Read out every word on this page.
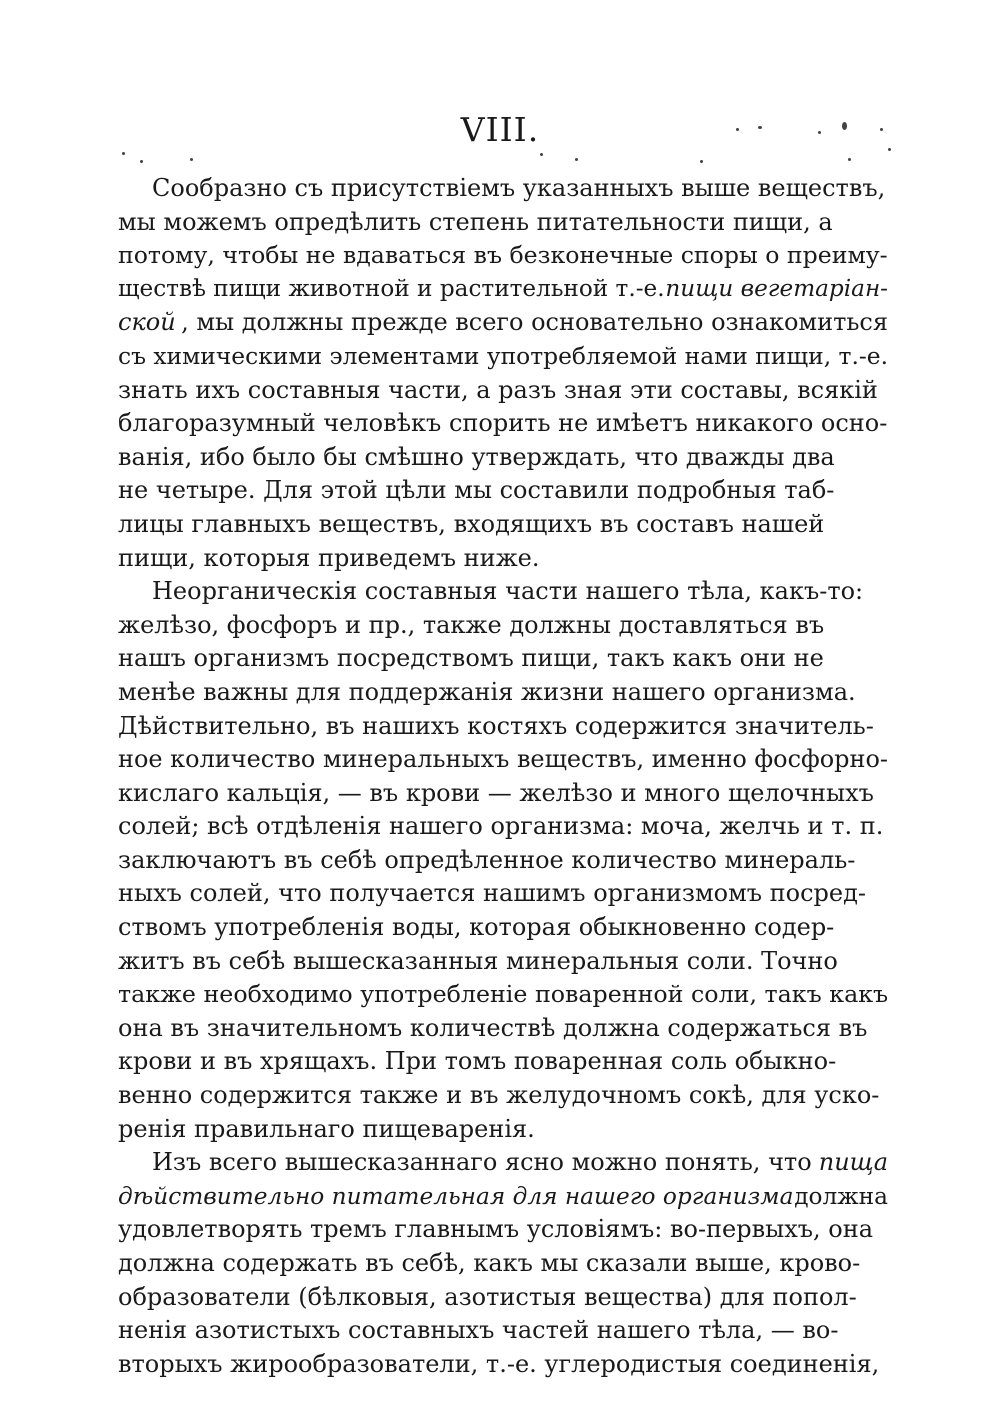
VIII.
Сообразно съ присутствiемъ указанныхъ выше веществъ,
мы можемъ опредѣлить степень питательности пищи, а
потому, чтобы не вдаваться въ безконечные споры о преиму-
ществѣ пищи животной и растительной т.-е. пищи вегетарiан-
ской , мы должны прежде всего основательно ознакомиться
съ химическими элементами употребляемой нами пищи, т.-е.
знать ихъ составныя части, а разъ зная эти составы, всякiй
благоразумный человѣкъ спорить не имѣетъ никакого осно-
ванiя, ибо было бы смѣшно утверждать, что дважды два
не четыре. Для этой цѣли мы составили подробныя таб-
лицы главныхъ веществъ, входящихъ въ составъ нашей
пищи, которыя приведемъ ниже.
Неорганическiя составныя части нашего тѣла, какъ-то:
желѣзо, фосфоръ и пр., также должны доставляться въ
нашъ организмъ посредствомъ пищи, такъ какъ они не
менѣе важны для поддержанiя жизни нашего организма.
Дѣйствительно, въ нашихъ костяхъ содержится значитель-
ное количество минеральныхъ веществъ, именно фосфорно-
кислаго кальцiя, — въ крови — желѣзо и много щелочныхъ
солей; всѣ отдѣленiя нашего организма: моча, желчь и т. п.
заключаютъ въ себѣ опредѣленное количество минераль-
ныхъ солей, что получается нашимъ организмомъ посред-
ствомъ употребленiя воды, которая обыкновенно содер-
житъ въ себѣ вышесказанныя минеральныя соли. Точно
также необходимо употребленiе поваренной соли, такъ какъ
она въ значительномъ количествѣ должна содержаться въ
крови и въ хрящахъ. При томъ поваренная соль обыкно-
венно содержится также и въ желудочномъ сокѣ, для уско-
ренiя правильнаго пищеваренiя.
Изъ всего вышесказаннаго ясно можно понять, что пища
дѣйствительно питательная для нашего организма должна
удовлетворять тремъ главнымъ условiямъ: во-первыхъ, она
должна содержать въ себѣ, какъ мы сказали выше, крово-
образователи (бѣлковыя, азотистыя вещества) для попол-
ненiя азотистыхъ составныхъ частей нашего тѣла, — во-
вторыхъ жирообразователи, т.-е. углеродистыя соединенiя,
